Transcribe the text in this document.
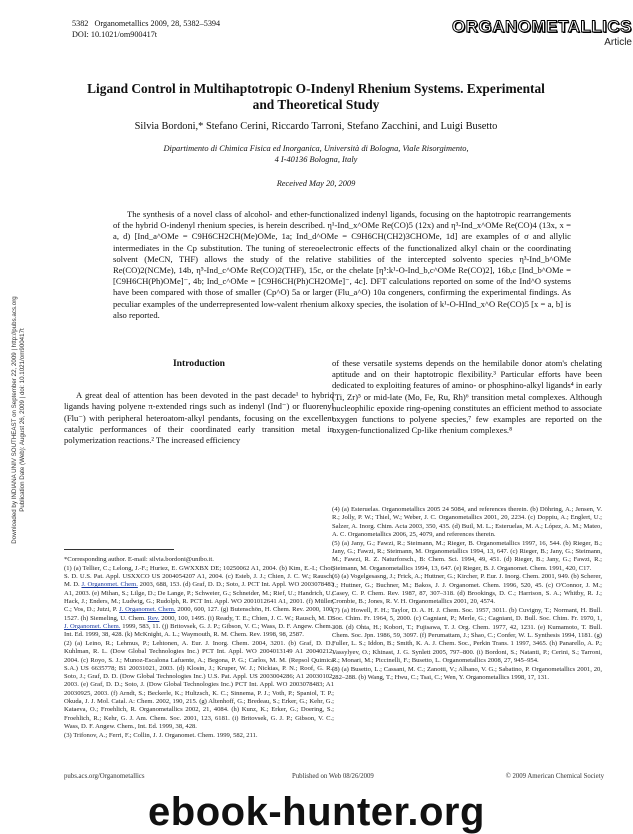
Downloaded by INDIANA UNIV SOUTHEAST on September 22, 2009 | http://pubs.acs.org Publication Date (Web): August 26, 2009 | doi: 10.1021/om900417t
5382 Organometallics 2009, 28, 5382–5394
DOI: 10.1021/om900417t	ORGANOMETALLICS
Article
Ligand Control in Multihaptotropic O-Indenyl Rhenium Systems. Experimental and Theoretical Study
Silvia Bordoni,* Stefano Cerini, Riccardo Tarroni, Stefano Zacchini, and Luigi Busetto
Dipartimento di Chimica Fisica ed Inorganica, Università di Bologna, Viale Risorgimento,
4 I-40136 Bologna, Italy
Received May 20, 2009

The synthesis of a novel class of alcohol- and ether-functionalized indenyl ligands, focusing on the haptotropic rearrangements of the hybrid O-indenyl rhenium species, is herein described. η¹-Ind_x^OMe Re(CO)5 (12x) and η³-Ind_x^OMe Re(CO)4 (13x, x = a, d) [Ind_a^OMe = C9H6CH2CH(Me)OMe, 1a; Ind_d^OMe = C9H6CH(CH2)3CHOMe, 1d] are examples of σ and allylic intermediates in the Cp substitution. The tuning of stereoelectronic effects of the functionalized alkyl chain or the coordinating solvent (MeCN, THF) allows the study of the relative stabilities of the intercepted solvento species η³-Ind_b^OMe Re(CO)2(NCMe), 14b, η⁵-Ind_c^OMe Re(CO)2(THF), 15c, or the chelate [η⁵:k¹-O-Ind_b,c^OMe Re(CO)2], 16b,c [Ind_b^OMe = [C9H6CH(Ph)OMe]⁻, 4b; Ind_c^OMe = [C9H6CH(Ph)CH2OMe]⁻, 4c]. DFT calculations reported on some of the Ind^O systems have been compared with those of smaller (Cp^O) 5a or larger (Flu_a^O) 10a congeners, confirming the experimental findings. As peculiar examples of the underrepresented low-valent rhenium alkoxy species, the isolation of k¹-O-HInd_x^O Re(CO)5 [x = a, b] is also reported.

Introduction

A great deal of attention has been devoted in the past decade¹ to hybrid ligands having polyene π-extended rings such as indenyl (Ind⁻) or fluorenyl (Flu⁻) with peripheral heteroatom-alkyl pendants, focusing on the excellent catalytic performances of their coordinated early transition metal in polymerization reactions.² The increased efficiency

of these versatile systems depends on the hemilabile donor atom's chelating aptitude and on their haptotropic flexibility.³ Particular efforts have been dedicated to exploiting features of amino- or phosphino-alkyl ligands⁴ in early (Ti, Zr)⁵ or mid-late (Mo, Fe, Ru, Rh)⁶ transition metal complexes. Although nucleophilic epoxide ring-opening constitutes an efficient method to associate oxygen functions to polyene species,⁷ few examples are reported on the oxygen-functionalized Cp-like rhenium complexes.⁸

*Corresponding author. E-mail: silvia.bordoni@unibo.it.

(1) (a) Tellier, C.; Lelong, J.-F.; Huriez, E. GWXXBX DE; 10250062 A1, 2004. (b) Kim, E.-I.; Choi, S. D. U.S. Pat. Appl. USXXCO US 2004054207 A1, 2004. (c) Esteb, J. J.; Chien, J. C. W.; Rausch, M. D. J. Organomet. Chem. 2003, 688, 153. (d) Graf, D. D.; Soto, J. PCT Int. Appl. WO 2003078483 A1, 2003. (e) Mihan, S.; Lilge, D.; De Lange, P.; Schweier, G.; Schneider, M.; Rief, U.; Handrich, U.; Hack, J.; Enders, M.; Ludwig, G.; Rudolph, R. PCT Int. Appl. WO 2001012641 A1, 2001. (f) Müller, C.; Vos, D.; Jutzi, P. J. Organomet. Chem. 2000, 600, 127. (g) Butenschön, H. Chem. Rev. 2000, 100, 1527. (h) Siemeling, U. Chem. Rev. 2000, 100, 1495. (i) Ready, T. E.; Chien, J. C. W.; Rausch, M. D. J. Organomet. Chem. 1999, 583, 11. (j) Britovsek, G. J. P.; Gibson, V. C.; Wass, D. F. Angew. Chem., Int. Ed. 1999, 38, 428. (k) McKnight, A. L.; Waymouth, R. M. Chem. Rev. 1998, 98, 2587.

(2) (a) Leino, R.; Lehmus, P.; Lehtonen, A. Eur. J. Inorg. Chem. 2004, 3201. (b) Graf, D. D.; Kuhlman, R. L. (Dow Global Technologies Inc.) PCT Int. Appl. WO 2004013149 A1 20040212, 2004. (c) Royo, S. J.; Munoz-Escalona Lafuente, A.; Begona, P. G.; Carlos, M. M. (Repsol Quimica S.A.) US 6635778; B1 20031021, 2003. (d) Klosin, J.; Kruper, W. J.; Nickias, P. N.; Roof, G. R.; Soto, J.; Graf, D. D. (Dow Global Technologies Inc.) U.S. Pat. Appl. US 2003004286; A1 20030102, 2003. (e) Graf, D. D.; Soto, J. (Dow Global Technologies Inc.) PCT Int. Appl. WO 2003078483; A1 20030925, 2003. (f) Arndt, S.; Beckerle, K.; Hultzsch, K. C.; Sinnema, P. J.; Voth, P.; Spaniol, T. P.; Okuda, J. J. Mol. Catal. A: Chem. 2002, 190, 215. (g) Altenhoff, G.; Bredeau, S.; Erker, G.; Kehr, G.; Kataeva, O.; Froehlich, R. Organometallics 2002, 21, 4084. (h) Kunz, K.; Erker, G.; Doering, S.; Froehlich, R.; Kehr, G. J. Am. Chem. Soc. 2001, 123, 6181. (i) Britovsek, G. J. P.; Gibson, V. C.; Wass, D. F. Angew. Chem., Int. Ed. 1999, 38, 428.

(3) Trifonov, A.; Ferri, F.; Collin, J. J. Organomet. Chem. 1999, 582, 211.

(4) (a) Esteruelas. Organometallics 2005 24 5084, and references therein. (b) Döhring, A.; Jensen, V. R.; Jolly, P. W.; Thiel, W.; Weber, J. C. Organometallics 2001, 20, 2234. (c) Doppiu, A.; Englert, U.; Salzer, A. Inorg. Chim. Acta 2003, 350, 435. (d) Buil, M. L.; Esteruelas, M. A.; López, A. M.; Mateo, A. C. Organometallics 2006, 25, 4079, and references therein.

(5) (a) Jany, G.; Fawzi, R.; Steimann, M.; Rieger, B. Organometallics 1997, 16, 544. (b) Rieger, B.; Jany, G.; Fawzi, R.; Steimann, M. Organometallics 1994, 13, 647. (c) Rieger, B.; Jany, G.; Steimann, M.; Fawzi, R. Z. Naturforsch., B: Chem. Sci. 1994, 49, 451. (d) Rieger, B.; Jany, G.; Fawzi, R.; Steimann, M. Organometallics 1994, 13, 647. (e) Rieger, B. J. Organomet. Chem. 1991, 420, C17.

(6) (a) Vogelgesasng, J.; Frick, A.; Huttner, G.; Kircher, P. Eur. J. Inorg. Chem. 2001, 949. (b) Scherer, J.; Huttner, G.; Buchner, M.; Bakos, J. J. Organomet. Chem. 1996, 520, 45. (c) O'Connor, J. M.; Casey, C. P. Chem. Rev. 1987, 87, 307–318. (d) Brookings, D. C.; Harrison, S. A.; Whitby, R. J.; Crombie, B.; Jones, R. V. H. Organometallics 2001, 20, 4574.

(7) (a) Howell, F. H.; Taylor, D. A. H. J. Chem. Soc. 1957, 3011. (b) Cuvigny, T.; Normant, H. Bull. Soc. Chim. Fr. 1964, 5, 2000. (c) Cagniant, P.; Merle, G.; Cagniant, D. Bull. Soc. Chim. Fr. 1970, 1, 308. (d) Ohta, H.; Kobori, T.; Fujisawa, T. J. Org. Chem. 1977, 42, 1231. (e) Kumamoto, T. Bull. Chem. Soc. Jpn. 1986, 59, 3097. (f) Perumattam, J.; Shao, C.; Confer, W. L. Synthesis 1994, 1181. (g) Fuller, L. S.; Iddon, B.; Smith, K. A. J. Chem. Soc., Perkin Trans. 1 1997, 3465. (h) Panarello, A. P.; Vassylyev, O.; Khinast, J. G. Synlett 2005, 797–800. (i) Bordoni, S.; Natanti, P.; Cerini, S.; Tarroni, R.; Monari, M.; Piccinelli, F.; Busetto, L. Organometallics 2008, 27, 945–954.

(8) (a) Busetto, L.; Cassani, M. C.; Zanotti, V.; Albano, V. G.; Sabatino, P. Organometallics 2001, 20, 282–288. (b) Wang, T.; Hwu, C.; Tsai, C.; Wen, Y. Organometallics 1998, 17, 131.

pubs.acs.org/Organometallics	Published on Web 08/26/2009	© 2009 American Chemical Society
ebook-hunter.org
